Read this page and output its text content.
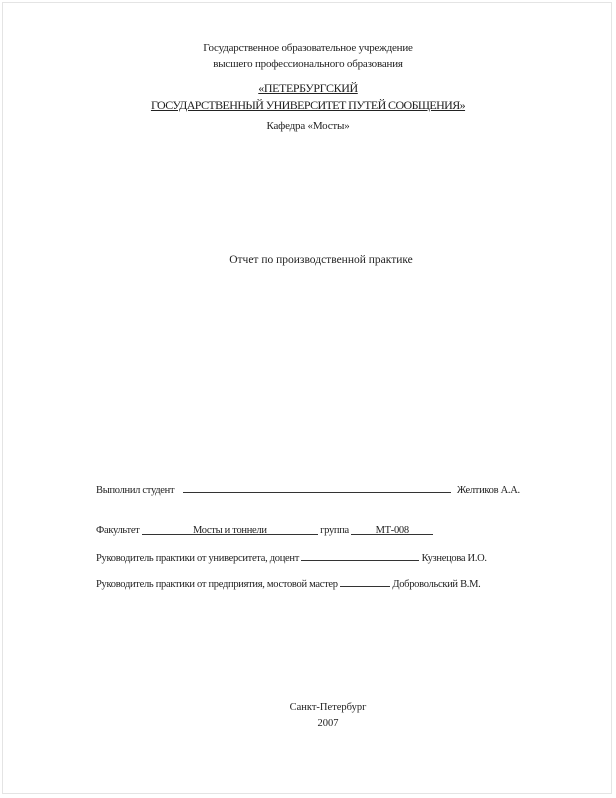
Государственное образовательное учреждение
высшего профессионального образования
«ПЕТЕРБУРГСКИЙ
ГОСУДАРСТВЕННЫЙ УНИВЕРСИТЕТ ПУТЕЙ СООБЩЕНИЯ»
Кафедра «Мосты»
Отчет по производственной практике
Выполнил студент	Желтиков А.А.
Факультет	Мосты и тоннели	группа	МТ-008
Руководитель практики от университета, доцент	Кузнецова И.О.
Руководитель практики от предприятия, мостовой мастер	Добровольский В.М.
Санкт-Петербург
2007
